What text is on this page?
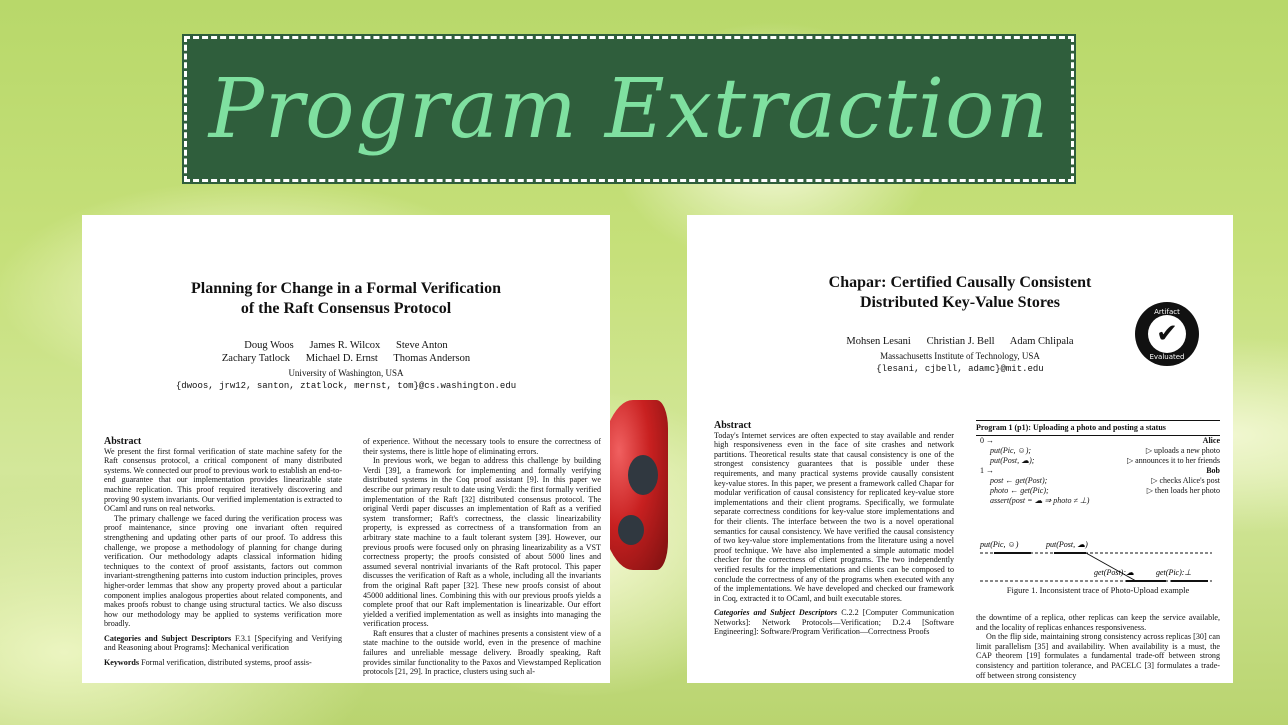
Program Extraction
Planning for Change in a Formal Verification
of the Raft Consensus Protocol
Doug Woos      James R. Wilcox      Steve Anton
Zachary Tatlock      Michael D. Ernst      Thomas Anderson
University of Washington, USA
{dwoos, jrw12, santon, ztatlock, mernst, tom}@cs.washington.edu

Abstract

We present the first formal verification of state machine safety for the Raft consensus protocol, a critical component of many distributed systems. We connected our proof to previous work to establish an end-to-end guarantee that our implementation provides linearizable state machine replication. This proof required iteratively discovering and proving 90 system invariants. Our verified implementation is extracted to OCaml and runs on real networks.

The primary challenge we faced during the verification process was proof maintenance, since proving one invariant often required strengthening and updating other parts of our proof. To address this challenge, we propose a methodology of planning for change during verification. Our methodology adapts classical information hiding techniques to the context of proof assistants, factors out common invariant-strengthening patterns into custom induction principles, proves higher-order lemmas that show any property proved about a particular component implies analogous properties about related components, and makes proofs robust to change using structural tactics. We also discuss how our methodology may be applied to systems verification more broadly.

Categories and Subject Descriptors F.3.1 [Specifying and Verifying and Reasoning about Programs]: Mechanical verification

Keywords Formal verification, distributed systems, proof assis-

of experience. Without the necessary tools to ensure the correctness of their systems, there is little hope of eliminating errors.

In previous work, we began to address this challenge by building Verdi [39], a framework for implementing and formally verifying distributed systems in the Coq proof assistant [9]. In this paper we describe our primary result to date using Verdi: the first formally verified implementation of the Raft [32] distributed consensus protocol. The original Verdi paper discusses an implementation of Raft as a verified system transformer; Raft's correctness, the classic linearizability property, is expressed as correctness of a transformation from an arbitrary state machine to a fault tolerant system [39]. However, our previous proofs were focused only on phrasing linearizability as a VST correctness property; the proofs consisted of about 5000 lines and assumed several nontrivial invariants of the Raft protocol. This paper discusses the verification of Raft as a whole, including all the invariants from the original Raft paper [32]. These new proofs consist of about 45000 additional lines. Combining this with our previous proofs yields a complete proof that our Raft implementation is linearizable. Our effort yielded a verified implementation as well as insights into managing the verification process.

Raft ensures that a cluster of machines presents a consistent view of a state machine to the outside world, even in the presence of machine failures and unreliable message delivery. Broadly speaking, Raft provides similar functionality to the Paxos and Viewstamped Replication protocols [21, 29]. In practice, clusters using such al-

Chapar: Certified Causally Consistent
Distributed Key-Value Stores
Mohsen Lesani      Christian J. Bell      Adam Chlipala
Massachusetts Institute of Technology, USA
{lesani, cjbell, adamc}@mit.edu
Artifact
✔
Evaluated

Abstract

Today's Internet services are often expected to stay available and render high responsiveness even in the face of site crashes and network partitions. Theoretical results state that causal consistency is one of the strongest consistency guarantees that is possible under these requirements, and many practical systems provide causally consistent key-value stores. In this paper, we present a framework called Chapar for modular verification of causal consistency for replicated key-value store implementations and their client programs. Specifically, we formulate separate correctness conditions for key-value store implementations and for their clients. The interface between the two is a novel operational semantics for causal consistency. We have verified the causal consistency of two key-value store implementations from the literature using a novel proof technique. We have also implemented a simple automatic model checker for the correctness of client programs. The two independently verified results for the implementations and clients can be composed to conclude the correctness of any of the programs when executed with any of the implementations. We have developed and checked our framework in Coq, extracted it to OCaml, and built executable stores.

Categories and Subject Descriptors C.2.2 [Computer Communication Networks]: Network Protocols—Verification; D.2.4 [Software Engineering]: Software/Program Verification—Correctness Proofs

Program 1 (p1): Uploading a photo and posting a status
0 →	Alice
put(Pic, ☺);	▷ uploads a new photo
put(Post, ☁);	▷ announces it to her friends
1 →	Bob
post ← get(Post);	▷ checks Alice's post
photo ← get(Pic);	▷ then loads her photo
assert(post = ☁ ⇒ photo ≠ ⊥)
put(Pic, ☺)	put(Post, ☁)
get(Post):☁	get(Pic):⊥
Figure 1. Inconsistent trace of Photo-Upload example

the downtime of a replica, other replicas can keep the service available, and the locality of replicas enhances responsiveness.

On the flip side, maintaining strong consistency across replicas [30] can limit parallelism [35] and availability. When availability is a must, the CAP theorem [19] formulates a fundamental trade-off between strong consistency and partition tolerance, and PACELC [3] formulates a trade-off between strong consistency
